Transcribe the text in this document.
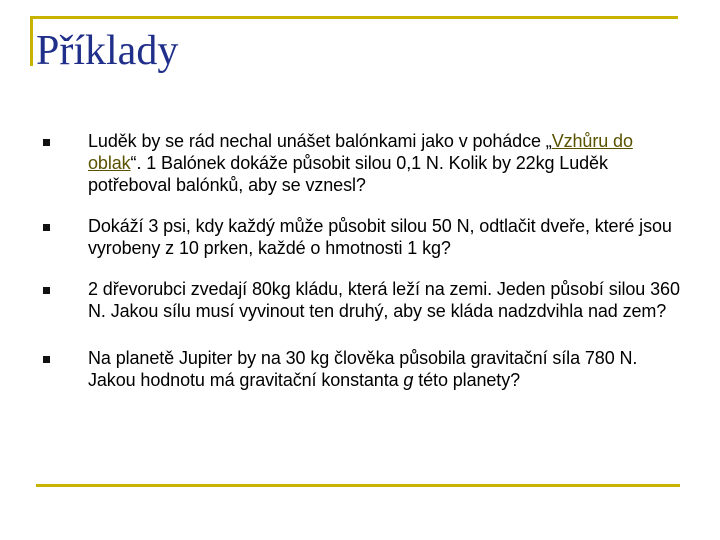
Příklady
Luděk by se rád nechal unášet balónkami jako v pohádce „Vzhůru do oblak“. 1 Balónek dokáže působit silou 0,1 N. Kolik by 22kg Luděk potřeboval balónků, aby se vznesl?
Dokáží 3 psi, kdy každý může působit silou 50 N, odtlačit dveře, které jsou vyrobeny z 10 prken, každé o hmotnosti 1 kg?
2 dřevorubci zvedají 80kg kládu, která leží na zemi. Jeden působí silou 360 N. Jakou sílu musí vyvinout ten druhý, aby se kláda nadzdvihla nad zem?
Na planetě Jupiter by na 30 kg člověka působila gravitační síla 780 N. Jakou hodnotu má gravitační konstanta g této planety?
